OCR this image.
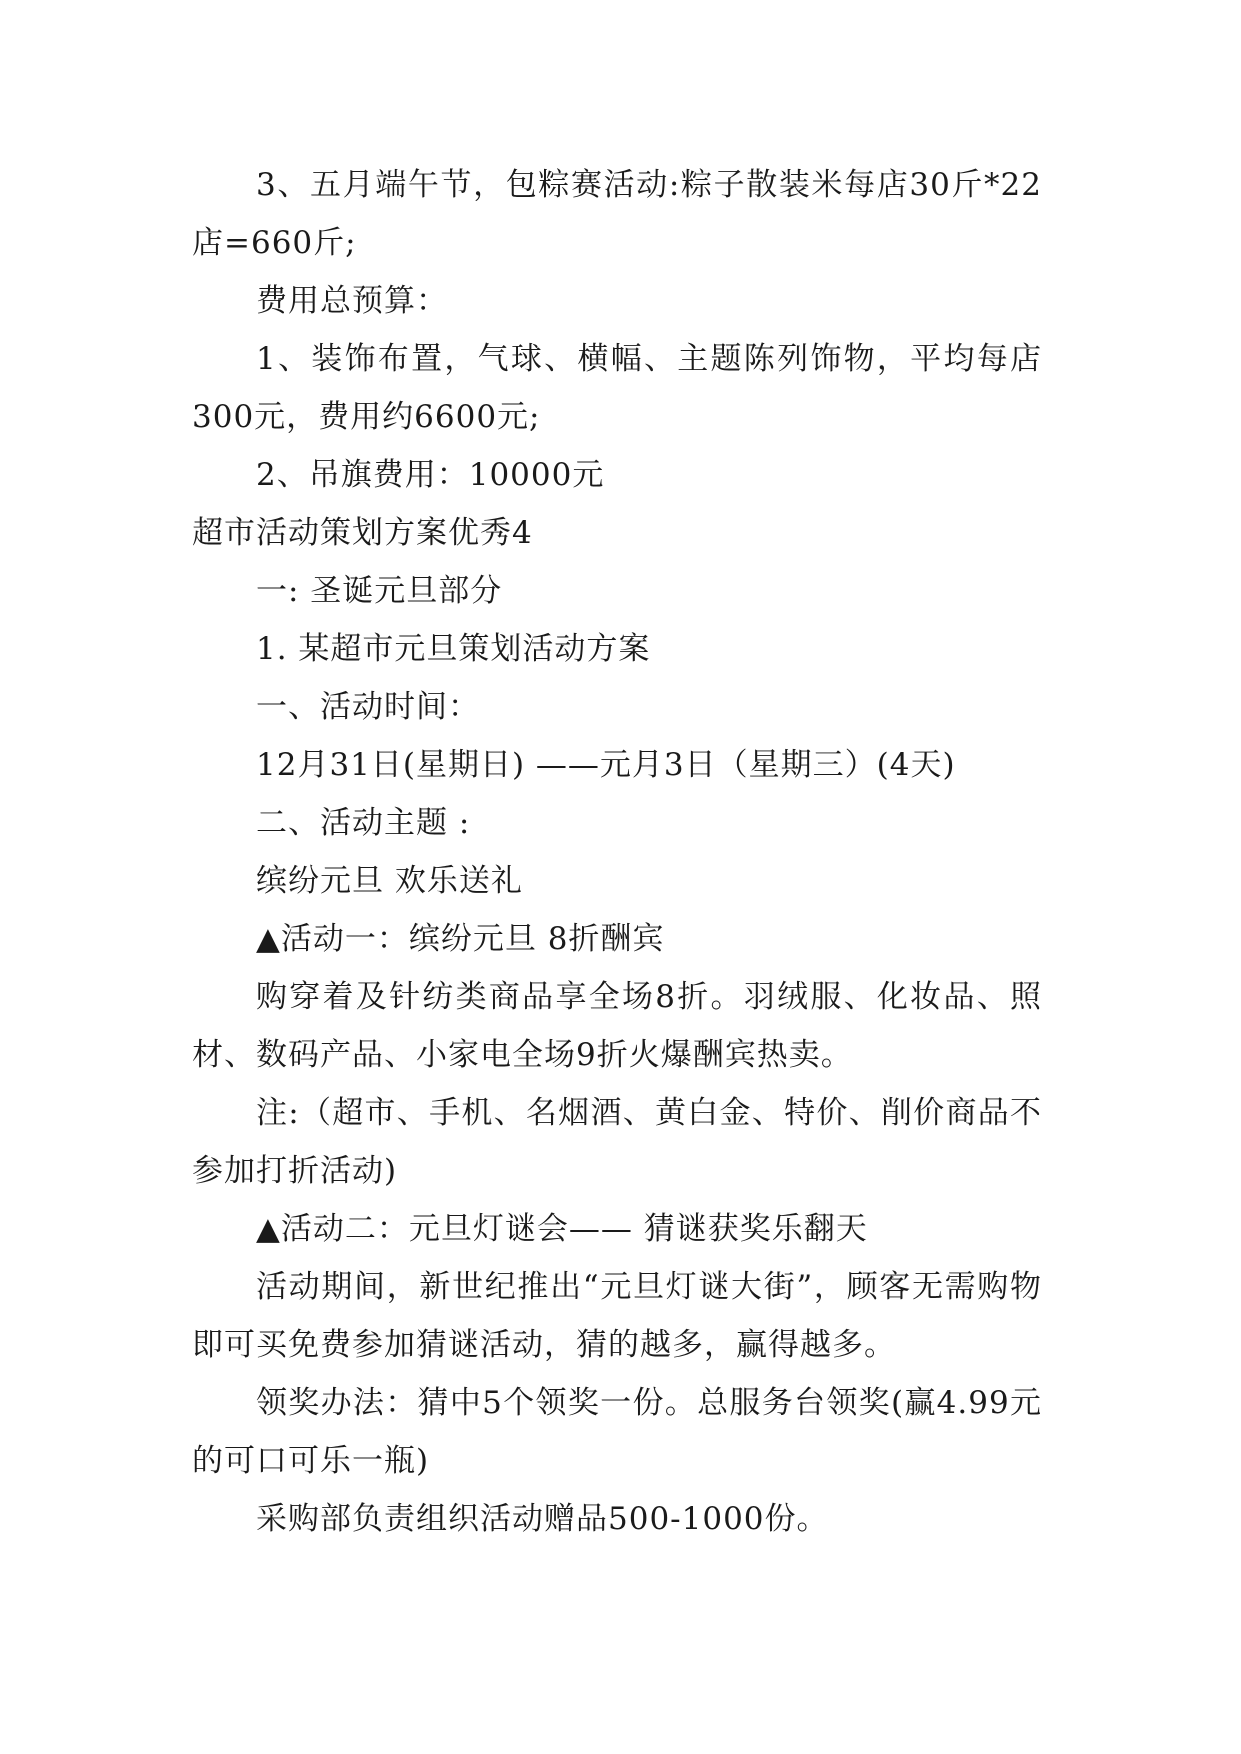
3、五月端午节，包粽赛活动:粽子散装米每店30斤*22店=660斤;

费用总预算：

1、装饰布置，气球、横幅、主题陈列饰物，平均每店300元，费用约6600元;

2、吊旗费用：10000元

超市活动策划方案优秀4

一: 圣诞元旦部分

1. 某超市元旦策划活动方案

一、活动时间：

12月31日(星期日) ——元月3日（星期三）(4天)

二、活动主题 :

缤纷元旦 欢乐送礼

▲活动一：缤纷元旦 8折酬宾

购穿着及针纺类商品享全场8折。羽绒服、化妆品、照材、数码产品、小家电全场9折火爆酬宾热卖。

注:（超市、手机、名烟酒、黄白金、特价、削价商品不参加打折活动)

▲活动二：元旦灯谜会—— 猜谜获奖乐翻天

活动期间，新世纪推出“元旦灯谜大街”，顾客无需购物即可买免费参加猜谜活动，猜的越多，赢得越多。

领奖办法：猜中5个领奖一份。总服务台领奖(赢4.99元的可口可乐一瓶)

采购部负责组织活动赠品500-1000份。
